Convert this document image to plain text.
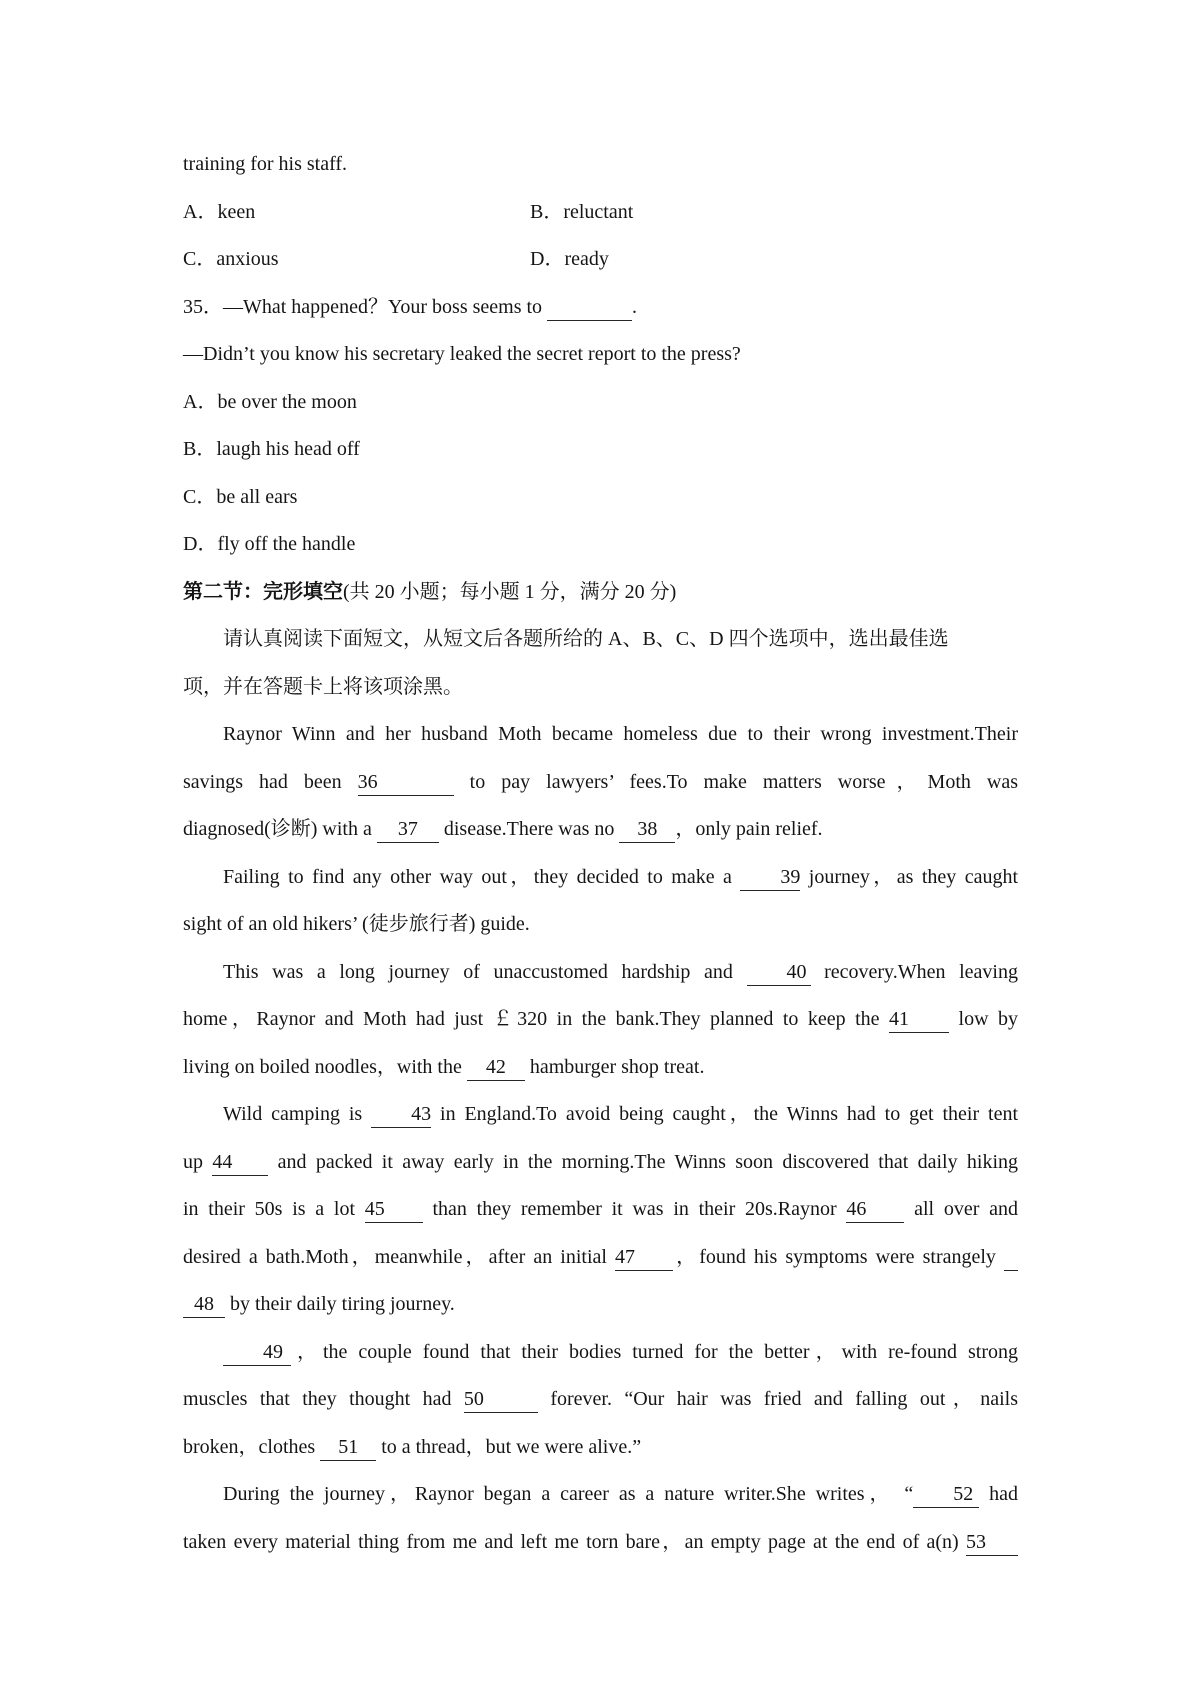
training for his staff.
A．keen	B．reluctant
C．anxious	D．ready
35．—What happened？Your boss seems to	.
—Didn’t you know his secretary leaked the secret report to the press?
A．be over the moon
B．laugh his head off
C．be all ears
D．fly off the handle
第二节：完形填空(共 20 小题；每小题 1 分，满分 20 分)
请认真阅读下面短文，从短文后各题所给的 A、B、C、D 四个选项中，选出最佳选
项，并在答题卡上将该项涂黑。
Raynor Winn and her husband Moth became homeless due to their wrong investment.Their
savings had been 36	to pay lawyers’ fees.To make matters worse，Moth was
diagnosed(诊断) with a 37 disease.There was no 38 ，only pain relief.
Failing to find any other way out，they decided to make a 39 journey，as they caught
sight of an old hikers’ (徒步旅行者) guide.
This was a long journey of unaccustomed hardship and 40 recovery.When leaving
home，Raynor and Moth had just ￡320 in the bank.They planned to keep the 41 low by
living on boiled noodles，with the 42 hamburger shop treat.
Wild camping is 43 in England.To avoid being caught，the Winns had to get their tent
up 44 and packed it away early in the morning.The Winns soon discovered that daily hiking
in their 50s is a lot 45 than they remember it was in their 20s.Raynor 46 all over and
desired a bath.Moth，meanwhile，after an initial 47 ，found his symptoms were strangely
48 by their daily tiring journey.
49 ，the couple found that their bodies turned for the better，with re-found strong
muscles that they thought had 50	forever. “Our hair was fried and falling out，nails
broken，clothes 51 to a thread，but we were alive.”
During the journey，Raynor began a career as a nature writer.She writes， “ 52 had
taken every material thing from me and left me torn bare，an empty page at the end of a(n) 53
